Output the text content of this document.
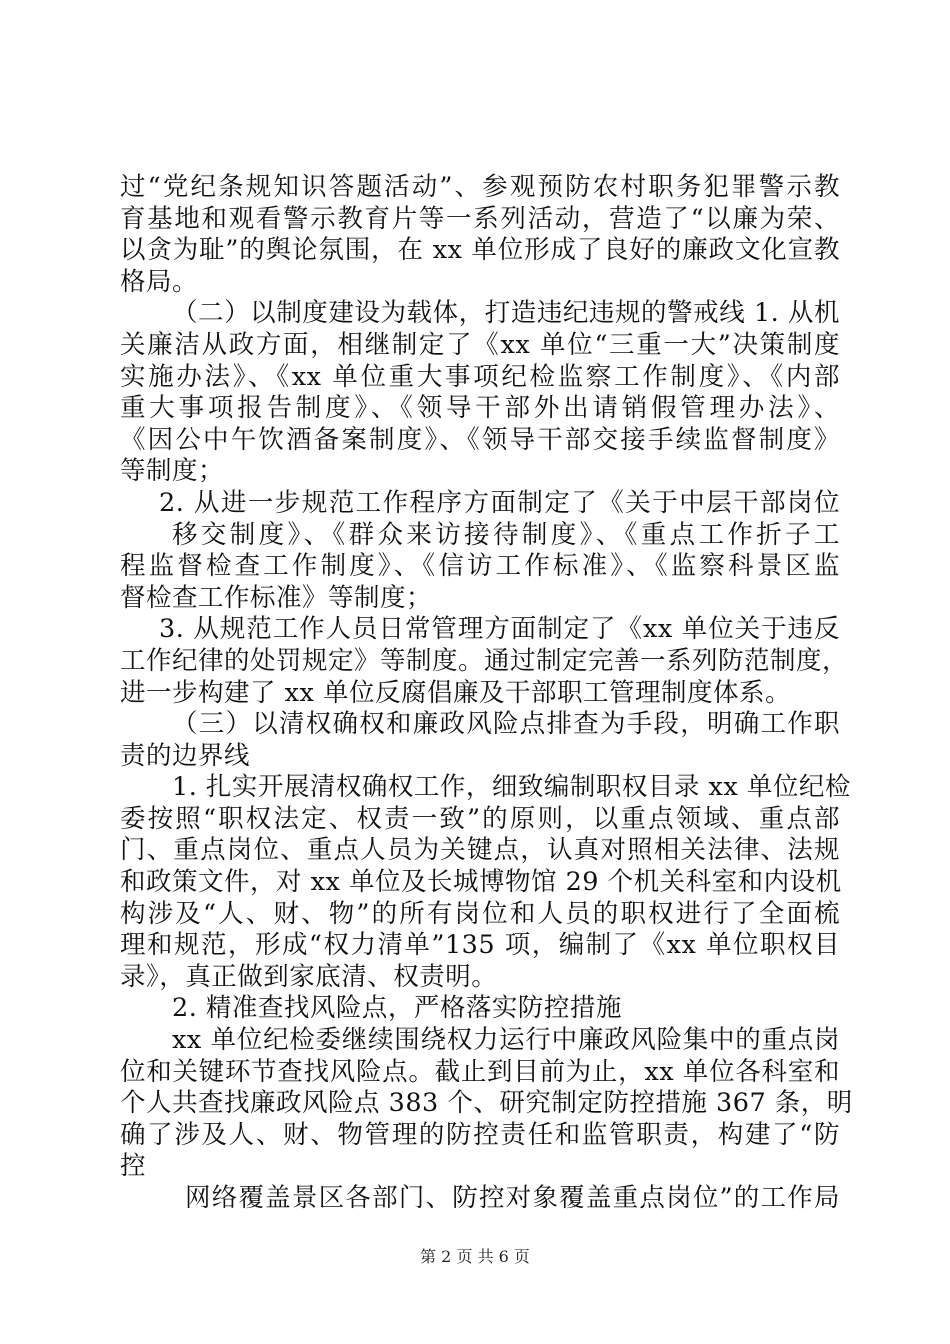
过“党纪条规知识答题活动”、参观预防农村职务犯罪警示教
育基地和观看警示教育片等一系列活动，营造了“以廉为荣、
以贪为耻”的舆论氛围，在 xx 单位形成了良好的廉政文化宣教
格局。
（二）以制度建设为载体，打造违纪违规的警戒线 1. 从机
关廉洁从政方面，相继制定了《xx 单位“三重一大”决策制度
实施办法》、《xx 单位重大事项纪检监察工作制度》、《内部
重大事项报告制度》、《领导干部外出请销假管理办法》、
《因公中午饮酒备案制度》、《领导干部交接手续监督制度》
等制度；
2. 从进一步规范工作程序方面制定了《关于中层干部岗位
移交制度》、《群众来访接待制度》、《重点工作折子工
程监督检查工作制度》、《信访工作标准》、《监察科景区监
督检查工作标准》等制度；
3. 从规范工作人员日常管理方面制定了《xx 单位关于违反
工作纪律的处罚规定》等制度。通过制定完善一系列防范制度，
进一步构建了 xx 单位反腐倡廉及干部职工管理制度体系。
（三）以清权确权和廉政风险点排查为手段，明确工作职
责的边界线
1. 扎实开展清权确权工作，细致编制职权目录 xx 单位纪检
委按照“职权法定、权责一致”的原则，以重点领域、重点部
门、重点岗位、重点人员为关键点，认真对照相关法律、法规
和政策文件，对 xx 单位及长城博物馆 29 个机关科室和内设机
构涉及“人、财、物”的所有岗位和人员的职权进行了全面梳
理和规范，形成“权力清单”135 项，编制了《xx 单位职权目
录》，真正做到家底清、权责明。
2. 精准查找风险点，严格落实防控措施
xx 单位纪检委继续围绕权力运行中廉政风险集中的重点岗
位和关键环节查找风险点。截止到目前为止，xx 单位各科室和
个人共查找廉政风险点 383 个、研究制定防控措施 367 条，明
确了涉及人、财、物管理的防控责任和监管职责，构建了“防
控
网络覆盖景区各部门、防控对象覆盖重点岗位”的工作局
第 2 页 共 6 页
